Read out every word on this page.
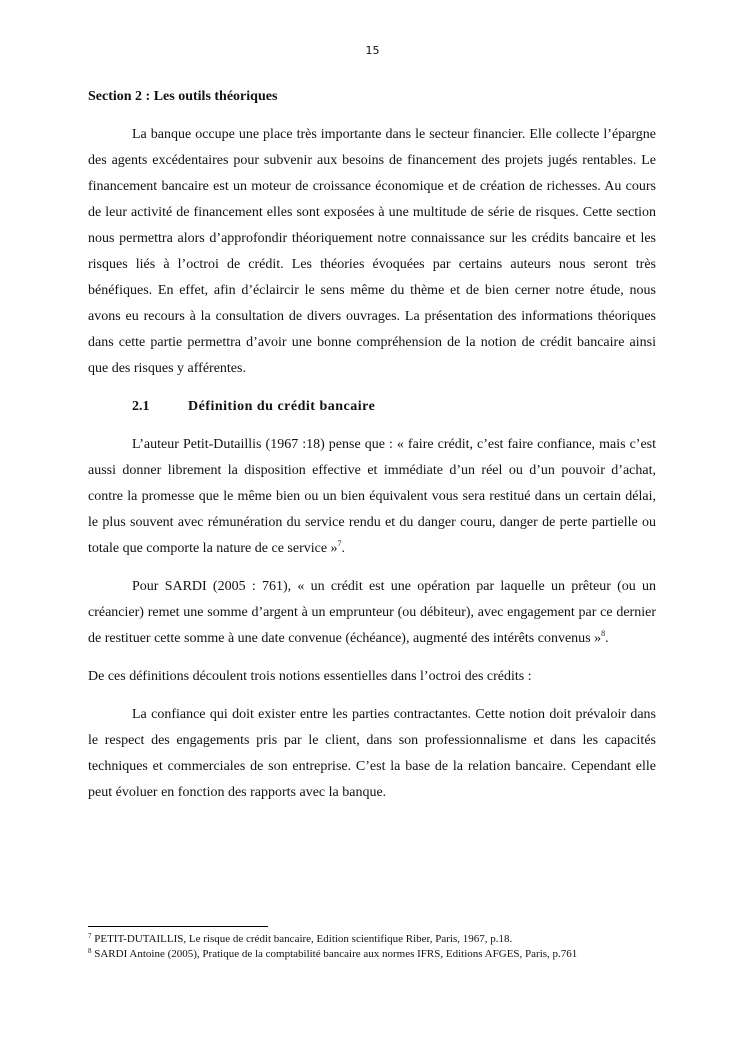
15
Section 2 : Les outils théoriques

La banque occupe une place très importante dans le secteur financier. Elle collecte l’épargne des agents excédentaires pour subvenir aux besoins de financement des projets jugés rentables. Le financement bancaire est un moteur de croissance économique et de création de richesses. Au cours de leur activité de financement elles sont exposées à une multitude de série de risques. Cette section nous permettra alors d’approfondir théoriquement notre connaissance sur les crédits bancaire et les risques liés à l’octroi de crédit. Les théories évoquées par certains auteurs nous seront très bénéfiques. En effet, afin d’éclaircir le sens même du thème et de bien cerner notre étude, nous avons eu recours à la consultation de divers ouvrages. La présentation des informations théoriques dans cette partie permettra d’avoir une bonne compréhension de la notion de crédit bancaire ainsi que des risques y afférentes.

2.1	Définition du crédit bancaire

L’auteur Petit-Dutaillis (1967 :18) pense que : « faire crédit, c’est faire confiance, mais c’est aussi donner librement la disposition effective et immédiate d’un réel ou d’un pouvoir d’achat, contre la promesse que le même bien ou un bien équivalent vous sera restitué dans un certain délai, le plus souvent avec rémunération du service rendu et du danger couru, danger de perte partielle ou totale que comporte la nature de ce service »$^7$.

Pour SARDI (2005 : 761), « un crédit est une opération par laquelle un prêteur (ou un créancier) remet une somme d’argent à un emprunteur (ou débiteur), avec engagement par ce dernier de restituer cette somme à une date convenue (échéance), augmenté des intérêts convenus »$^8$.

De ces définitions découlent trois notions essentielles dans l’octroi des crédits :

La confiance qui doit exister entre les parties contractantes. Cette notion doit prévaloir dans le respect des engagements pris par le client, dans son professionnalisme et dans les capacités techniques et commerciales de son entreprise. C’est la base de la relation bancaire. Cependant elle peut évoluer en fonction des rapports avec la banque.

$^7$ PETIT-DUTAILLIS, Le risque de crédit bancaire, Edition scientifique Riber, Paris, 1967, p.18.
$^8$ SARDI Antoine (2005), Pratique de la comptabilité bancaire aux normes IFRS, Editions AFGES, Paris, p.761
